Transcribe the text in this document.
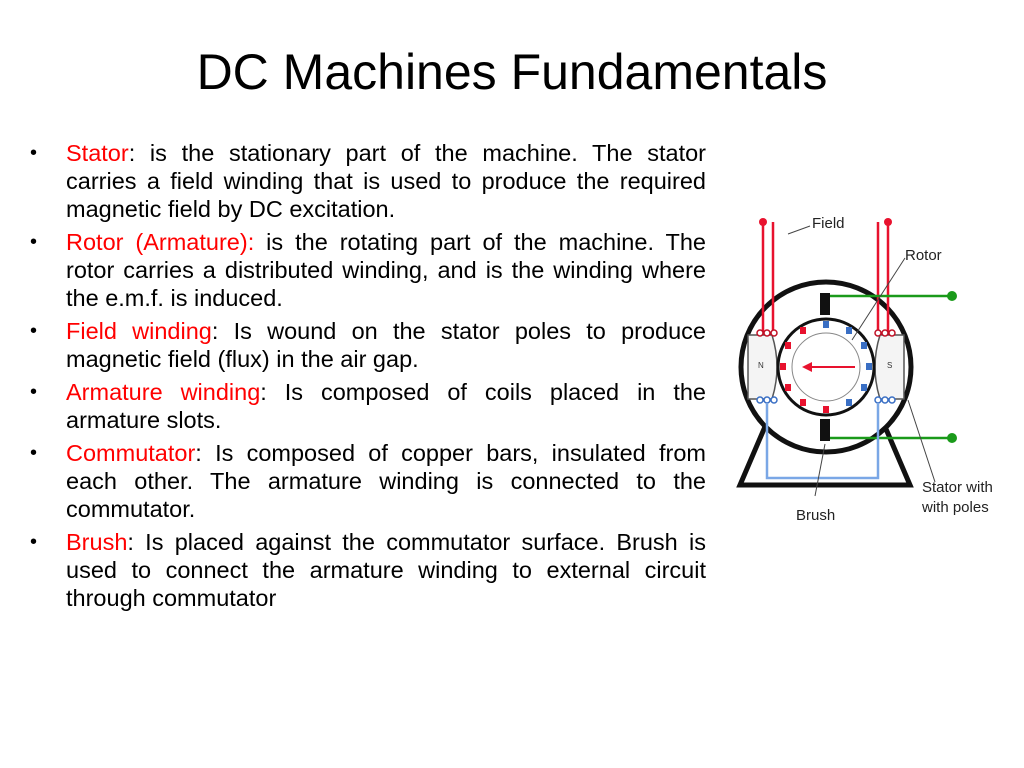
DC Machines Fundamentals
•	Stator: is the stationary part of the machine. The stator carries a field winding that is used to produce the required magnetic field by DC excitation.
•	Rotor (Armature): is the rotating part of the machine. The rotor carries a distributed winding, and is the winding where the e.m.f. is induced.
•	Field winding: Is wound on the stator poles to produce magnetic field (flux) in the air gap.
•	Armature winding: Is composed of coils placed in the armature slots.
•	Commutator: Is composed of copper bars, insulated from each other. The armature winding is connected to the commutator.
•	Brush: Is placed against the commutator surface. Brush is used to connect the armature winding to external circuit through commutator
N	S
Field
Rotor
Brush
Stator with
with poles
